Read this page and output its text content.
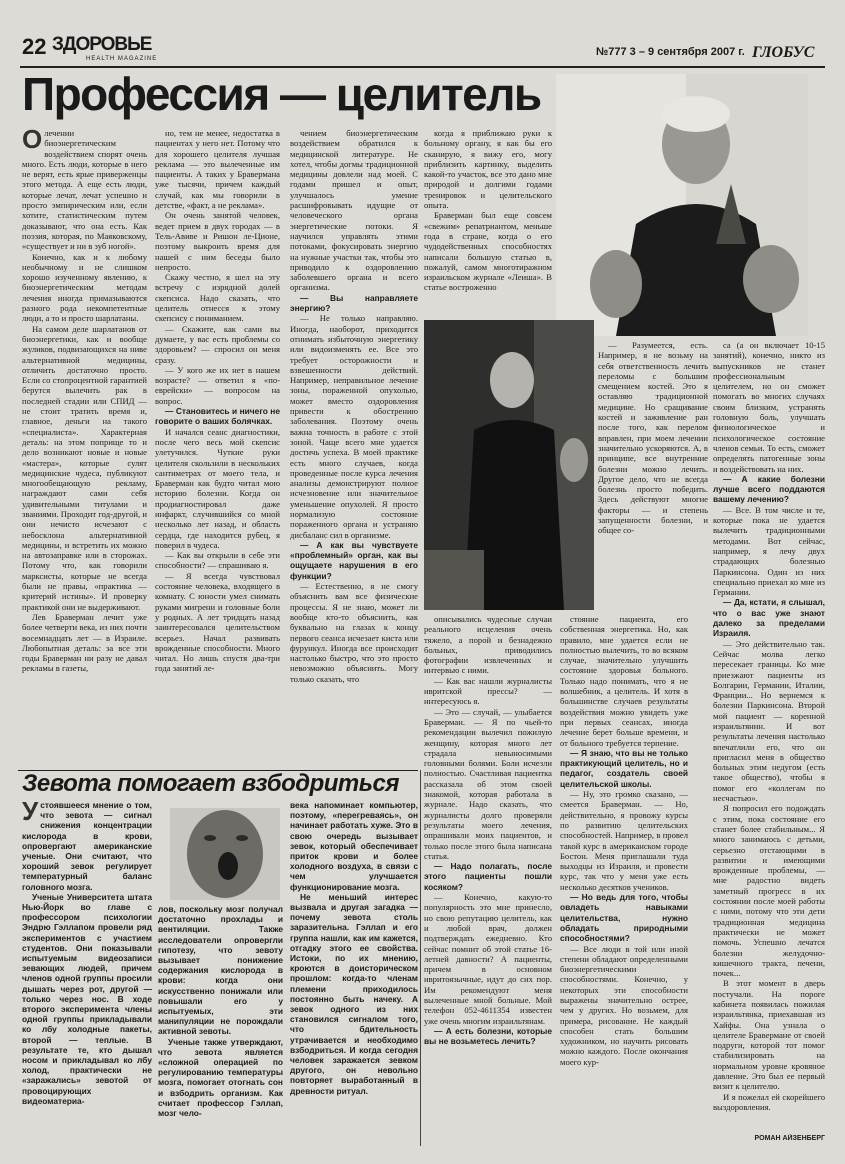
22 ЗДОРОВЬЕ
HEALTH MAGAZINE
№777 3 – 9 сентября 2007 г. ГЛОБУС
Профессия — целитель
О лечении биоэнергетическим воздействием спорят очень много. Есть люди, которые в него не верят, есть ярые приверженцы этого метода. А еще есть люди, которые лечат, лечат успешно и просто эмпирическим или, если хотите, статистическим путем доказывают, что она есть. Как поэзия, которая, по Маяковскому, «существует и ни в зуб ногой».

Конечно, как и к любому необычному и не слишком хорошо изученному явлению, к биоэнергетическим методам лечения иногда примазываются разного рода некомпетентные люди, а то и просто шарлатаны.

На самом деле шарлатанов от биоэнергетики, как и вообще жуликов, подвизающихся на ниве альтернативной медицины, отличить достаточно просто. Если со стопроцентной гарантией берутся вылечить рак в последней стадии или СПИД — не стоит тратить время и, главное, деньги на такого «специалиста». Характерная деталь: на этом поприще то и дело возникают новые и новые «мастера», которые сулят медицинские чудеса, публикуют многообещающую рекламу, награждают сами себя удивительными титулами и званиями. Проходит год-другой, и они нечисто исчезают с небосклона альтернативной медицины, и встретить их можно на автозаправке или в сторожах. Потому что, как говорили марксисты, которые не всегда были не правы, «практика — критерий истины». И проверку практикой они не выдерживают.

Лев Браверман лечит уже более четверти века, из них почти восемнадцать лет — в Израиле. Любопытная деталь: за все эти годы Браверман ни разу не давал рекламы в газеты,

но, тем не менее, недостатка в пациентах у него нет. Потому что для хорошего целителя лучшая реклама — это вылеченные им пациенты. А таких у Бравермана уже тысячи, причем каждый случай, как мы говорили в детстве, «факт, а не реклама».

Он очень занятой человек, ведет прием в двух городах — в Тель-Авиве и Ришон ле-Ционе, поэтому выкроить время для нашей с ним беседы было непросто.

Скажу честно, я шел на эту встречу с изрядной долей скепсиса. Надо сказать, что целитель отнесся к этому скепсису с пониманием.

— Скажите, как сами вы думаете, у вас есть проблемы со здоровьем? — спросил он меня сразу.

— У кого же их нет в нашем возрасте? — ответил я «по-еврейски» — вопросом на вопрос.

— Становитесь и ничего не говорите о ваших болячках.

И начался сеанс диагностики, после чего весь мой скепсис улетучился. Чуткие руки целителя скользили в нескольких сантиметрах от моего тела, и Браверман как будто читал мою историю болезни. Когда он продиагностировал даже инфаркт, случившийся со мной несколько лет назад, и область сердца, где находится рубец, я поверил в чудеса.

— Как вы открыли в себе эти способности? — спрашиваю я.

— Я всегда чувствовал состояние человека, входящего в комнату. С юности умел снимать руками мигрени и головные боли у родных. А лет тридцать назад заинтересовался целительством всерьез. Начал развивать врожденные способности. Много читал. Но лишь спустя два-три года занятий ле-

чением биоэнергетическим воздействием обратился к медицинской литературе. Не хотел, чтобы догмы традиционной медицины довлели над моей. С годами пришел и опыт, улучшалось умение расшифровывать идущие от человеческого органа энергетические потоки. Я научился управлять этими потоками, фокусировать энергию на нужные участки так, чтобы это приводило к оздоровлению заболевшего органа и всего организма.

— Вы направляете энергию?

— Не только направляю. Иногда, наоборот, приходится отнимать избыточную энергетику или видоизменять ее. Все это требует осторожности и взвешенности действий. Например, неправильное лечение зоны, пораженной опухолью, может вместо оздоровления привести к обострению заболевания. Поэтому очень важна точность в работе с этой зоной. Чаще всего мне удается достичь успеха. В моей практике есть много случаев, когда проведенные после курса лечения анализы демонстрируют полное исчезновение или значительное уменьшение опухолей. Я просто нормализую состояние пораженного органа и устраняю дисбаланс сил в организме.

— А как вы чувствуете «проблемный» орган, как вы ощущаете нарушения в его функции?

— Естественно, я не смогу объяснить вам все физические процессы. Я не знаю, может ли вообще кто-то объяснить, как буквально на глазах к концу первого сеанса исчезает киста или фурункул. Иногда все происходит настолько быстро, что это просто невозможно объяснить. Могу только сказать, что

когда я приближаю руки к больному органу, я как бы его сканирую, я вижу его, могу приблизить картинку, выделить какой-то участок, все это дано мне природой и долгими годами тренировок и целительского опыта.

Браверман был еще совсем «свежим» репатриантом, меньше года в стране, когда о его чудодейственных способностях написали большую статью в, пожалуй, самом многотиражном израильском журнале «Леиша». В статье востроженно

— Разумеется, есть. Например, я не возьму на себя ответственность лечить переломы с большим смещением костей. Это я оставляю традиционной медицине. Но сращивание костей и заживление ран после того, как перелом вправлен, при моем лечении значительно ускоряются. А, в принципе, все внутренние болезни можно лечить. Другое дело, что не всегда болезнь просто победить. Здесь действуют многие факторы — и степень запущенности болезни, и общее со-

описывались чудесные случаи реального исцеления очень тяжело, а порой и безнадежно больных, приводились фотографии извлеченных и интервью с ними.

— Как вас нашли журналисты ивритской прессы? — интересуюсь я.

— Это — случай, — улыбается Браверман. — Я по чьей-то рекомендации вылечил пожилую женщину, которая много лет страдала невыносимыми головными болями. Боли исчезли полностью. Счастливая пациентка рассказала об этом своей знакомой, которая работала в журнале. Надо сказать, что журналисты долго проверяли результаты моего лечения, опрашивали моих пациентов, и только после этого была написана статья.

— Надо полагать, после этого пациенты пошли косяком?

— Конечно, какую-то популярность это мне принесло, но свою репутацию целитель, как и любой врач, должен подтверждать ежедневно. Кто сейчас помнит об этой статье 16-летней давности? А пациенты, причем в основном ивритоязычные, идут до сих пор. Им рекомендуют меня вылеченные мной больные. Мой телефон 052-4611354 известен уже очень многим израильтянам.

— А есть болезни, которые вы не возьметесь лечить?

стояние пациента, его собственная энергетика. Но, как правило, мне удается если не полностью вылечить, то во всяком случае, значительно улучшить состояние здоровья больного. Только надо понимать, что я не волшебник, а целитель. И хотя в большинстве случаев результаты воздействия можно увидеть уже при первых сеансах, иногда лечение берет больше времени, и от больного требуется терпение.

— Я знаю, что вы не только практикующий целитель, но и педагог, создатель своей целительской школы.

— Ну, это громко сказано, — смеется Браверман. — Но, действительно, я провожу курсы по развитию целительских способностей. Например, в провел такой курс в американском городе Бостон. Меня приглашали туда выходцы из Израиля, и провести курс, так что у меня уже есть несколько десятков учеников.

— Но ведь для того, чтобы овладеть навыками целительства, нужно обладать природными способностями?

— Все люди в той или иной степени обладают определенными биоэнергетическими способностями. Конечно, у некоторых эти способности выражены значительно острее, чем у других. Но возьмем, для примера, рисование. Не каждый способен стать большим художником, но научить рисовать можно каждого. После окончания моего кур-

са (а он включает 10-15 занятий), конечно, никто из выпускников не станет профессиональным целителем, но он сможет помогать во многих случаях своим близким, устранять головную боль, улучшать физиологическое и психологическое состояние членов семьи. То есть, сможет определять патогенные зоны и воздействовать на них.

— А какие болезни лучше всего поддаются вашему лечению?

— Все. В том числе и те, которые пока не удается вылечить традиционными методами. Вот сейчас, например, я лечу двух страдающих болезнью Паркинсона. Один из них специально приехал ко мне из Германии.

— Да, кстати, я слышал, что о вас уже знают далеко за пределами Израиля.

— Это действительно так. Сейчас молва легко пересекает границы. Ко мне приезжают пациенты из Болгарии, Германии, Италии, Франции... Но вернемся к болезни Паркинсона. Второй мой пациент — коренной израильтянин. И вот результаты лечения настолько впечатлили его, что он пригласил меня в общество больных этим недугом (есть такое общество), чтобы я помог его «коллегам по несчастью».

Я попросил его подождать с этим, пока состояние его станет более стабильным... Я много занимаюсь с детьми, серьезно отстающими в развитии и имеющими врожденные проблемы, — мне радостно видеть заметный прогресс в их состоянии после моей работы с ними, потому что эти дети традиционная медицина практически не может помочь. Успешно лечатся болезни желудочно-кишечного тракта, печени, почек...

В этот момент в дверь постучали. На пороге кабинета появилась пожилая израильтянка, приехавшая из Хайфы. Она узнала о целителе Бравермане от своей подруги, которой тот помог стабилизировать на нормальном уровне кровяное давление. Это был ее первый визит к целителю.

И я пожелал ей скорейшего выздоровления.

РОМАН АЙЗЕНБЕРГ

Зевота помогает взбодриться
У стоявшееся мнение о том, что зевота — сигнал снижения концентрации кислорода в крови, опровергают американские ученые. Они считают, что хороший зевок регулирует температурный баланс головного мозга.

Ученые Университета штата Нью-Йорк во главе с профессором психологии Эндрю Гэллапом провели ряд экспериментов с участием студентов. Они показывали испытуемым видеозаписи зевающих людей, причем членов одной группы просили дышать через рот, другой — только через нос. В ходе второго эксперимента члены одной группы прикладывали ко лбу холодные пакеты, второй — теплые. В результате те, кто дышал носом и прикладывал ко лбу холод, практически не «заражались» зевотой от провоцирующих видеоматериа-

лов, поскольку мозг получал достаточно прохлады и вентиляции. Также исследователи опровергли гипотезу, что зевоту вызывает понижение содержания кислорода в крови: когда они искусственно понижали или повышали его у испытуемых, эти манипуляции не порождали активной зевоты.

Ученые также утверждают, что зевота является «сложной операцией по регулированию температуры мозга, помогает отогнать сон и взбодрить организм. Как считает профессор Гэллап, мозг чело-

века напоминает компьютер, поэтому, «перегреваясь», он начинает работать хуже. Это в свою очередь вызывает зевок, который обеспечивает приток крови и более холодного воздуха, в связи с чем улучшается функционирование мозга.

Не меньший интерес вызвала и другая загадка — почему зевота столь заразительна. Гэллап и его группа нашли, как им кажется, отгадку этого ее свойства. Истоки, по их мнению, кроются в доисторическом прошлом: когда-то членам племени приходилось постоянно быть начеку. А зевок одного из них становился сигналом того, что бдительность утрачивается и необходимо взбодриться. И когда сегодня человек заражается зевком другого, он невольно повторяет выработанный в древности ритуал.
